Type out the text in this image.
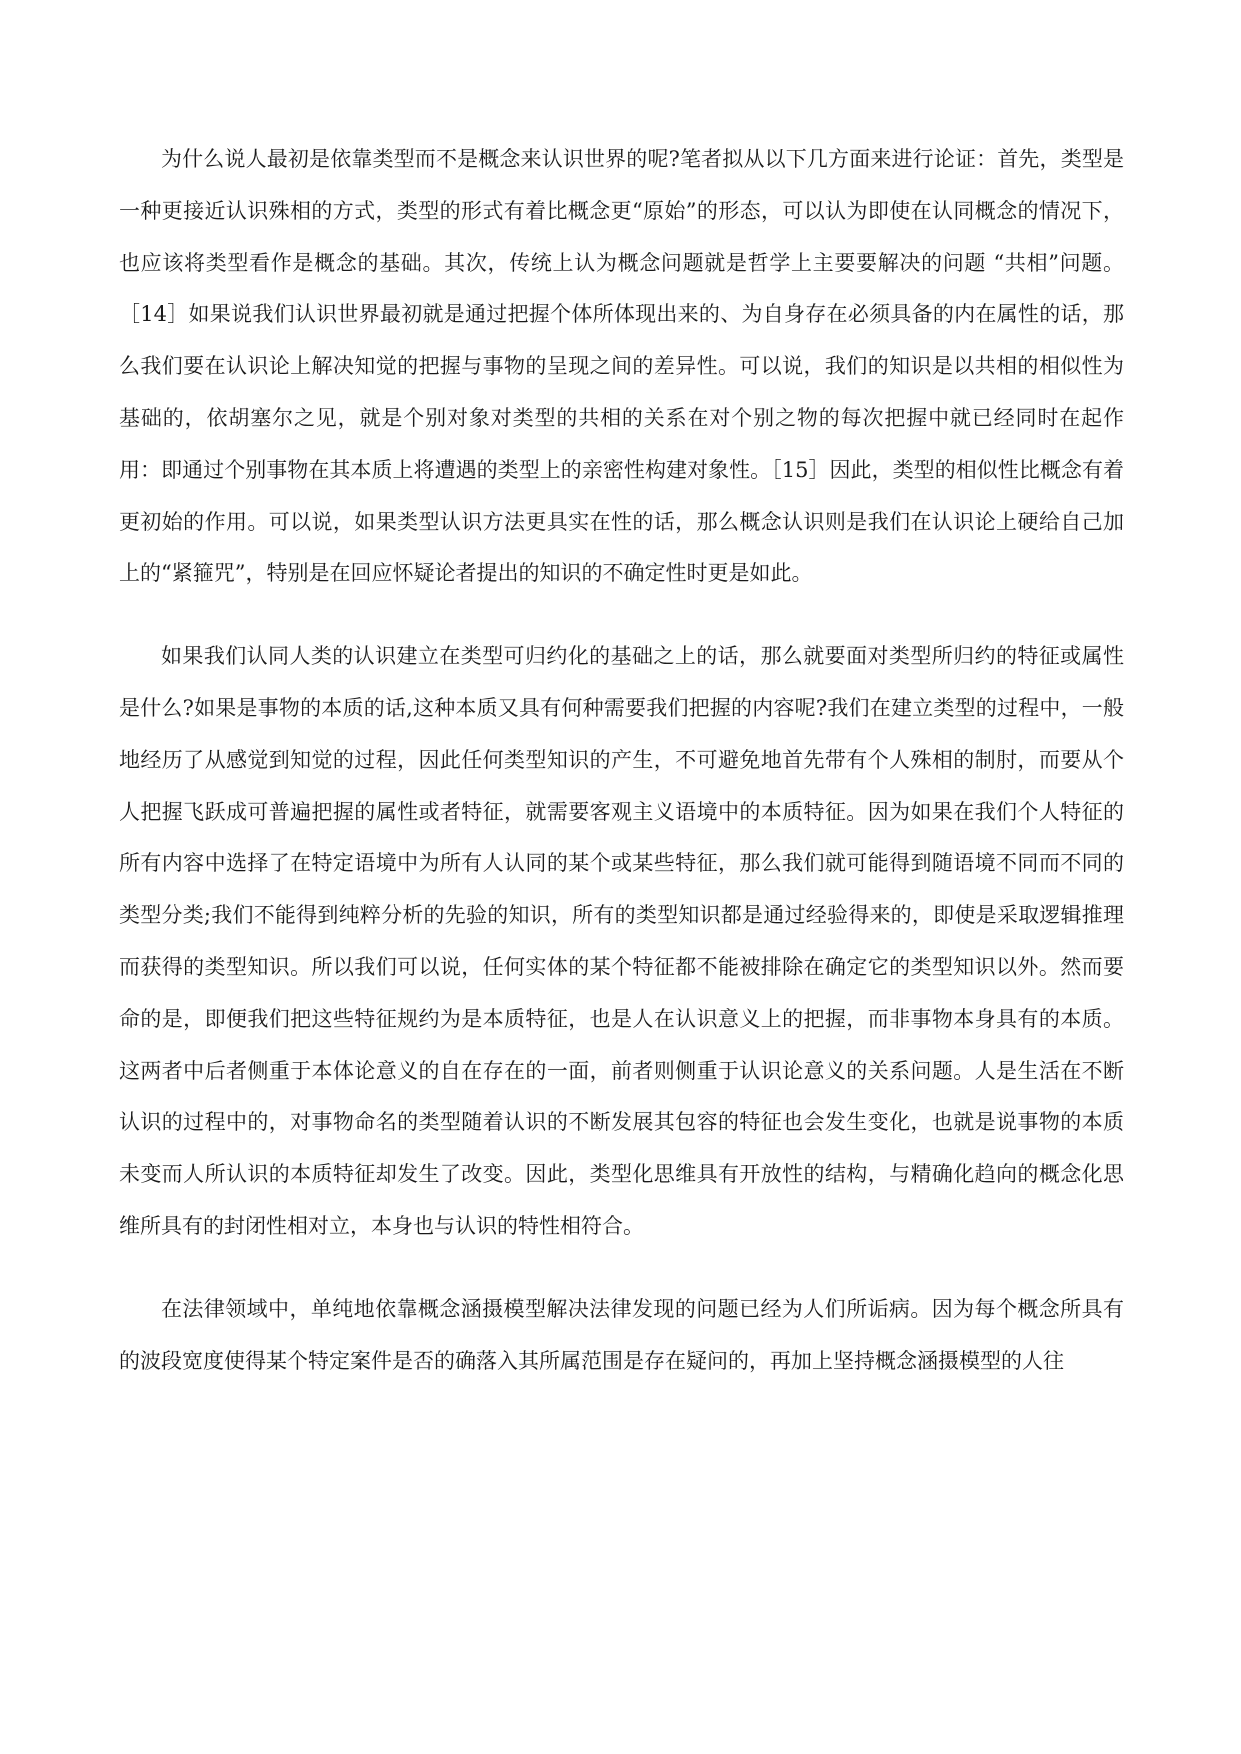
为什么说人最初是依靠类型而不是概念来认识世界的呢?笔者拟从以下几方面来进行论证：首先，类型是一种更接近认识殊相的方式，类型的形式有着比概念更“原始”的形态，可以认为即使在认同概念的情况下，也应该将类型看作是概念的基础。其次，传统上认为概念问题就是哲学上主要要解决的问题 “共相”问题。［14］如果说我们认识世界最初就是通过把握个体所体现出来的、为自身存在必须具备的内在属性的话，那么我们要在认识论上解决知觉的把握与事物的呈现之间的差异性。可以说，我们的知识是以共相的相似性为基础的，依胡塞尔之见，就是个别对象对类型的共相的关系在对个别之物的每次把握中就已经同时在起作用：即通过个别事物在其本质上将遭遇的类型上的亲密性构建对象性。［15］因此，类型的相似性比概念有着更初始的作用。可以说，如果类型认识方法更具实在性的话，那么概念认识则是我们在认识论上硬给自己加上的“紧箍咒”，特别是在回应怀疑论者提出的知识的不确定性时更是如此。

如果我们认同人类的认识建立在类型可归约化的基础之上的话，那么就要面对类型所归约的特征或属性是什么?如果是事物的本质的话,这种本质又具有何种需要我们把握的内容呢?我们在建立类型的过程中，一般地经历了从感觉到知觉的过程，因此任何类型知识的产生，不可避免地首先带有个人殊相的制肘，而要从个人把握飞跃成可普遍把握的属性或者特征，就需要客观主义语境中的本质特征。因为如果在我们个人特征的所有内容中选择了在特定语境中为所有人认同的某个或某些特征，那么我们就可能得到随语境不同而不同的类型分类;我们不能得到纯粹分析的先验的知识，所有的类型知识都是通过经验得来的，即使是采取逻辑推理而获得的类型知识。所以我们可以说，任何实体的某个特征都不能被排除在确定它的类型知识以外。然而要命的是，即便我们把这些特征规约为是本质特征，也是人在认识意义上的把握，而非事物本身具有的本质。这两者中后者侧重于本体论意义的自在存在的一面，前者则侧重于认识论意义的关系问题。人是生活在不断认识的过程中的，对事物命名的类型随着认识的不断发展其包容的特征也会发生变化，也就是说事物的本质未变而人所认识的本质特征却发生了改变。因此，类型化思维具有开放性的结构，与精确化趋向的概念化思维所具有的封闭性相对立，本身也与认识的特性相符合。

在法律领域中，单纯地依靠概念涵摄模型解决法律发现的问题已经为人们所诟病。因为每个概念所具有的波段宽度使得某个特定案件是否的确落入其所属范围是存在疑问的，再加上坚持概念涵摄模型的人往
